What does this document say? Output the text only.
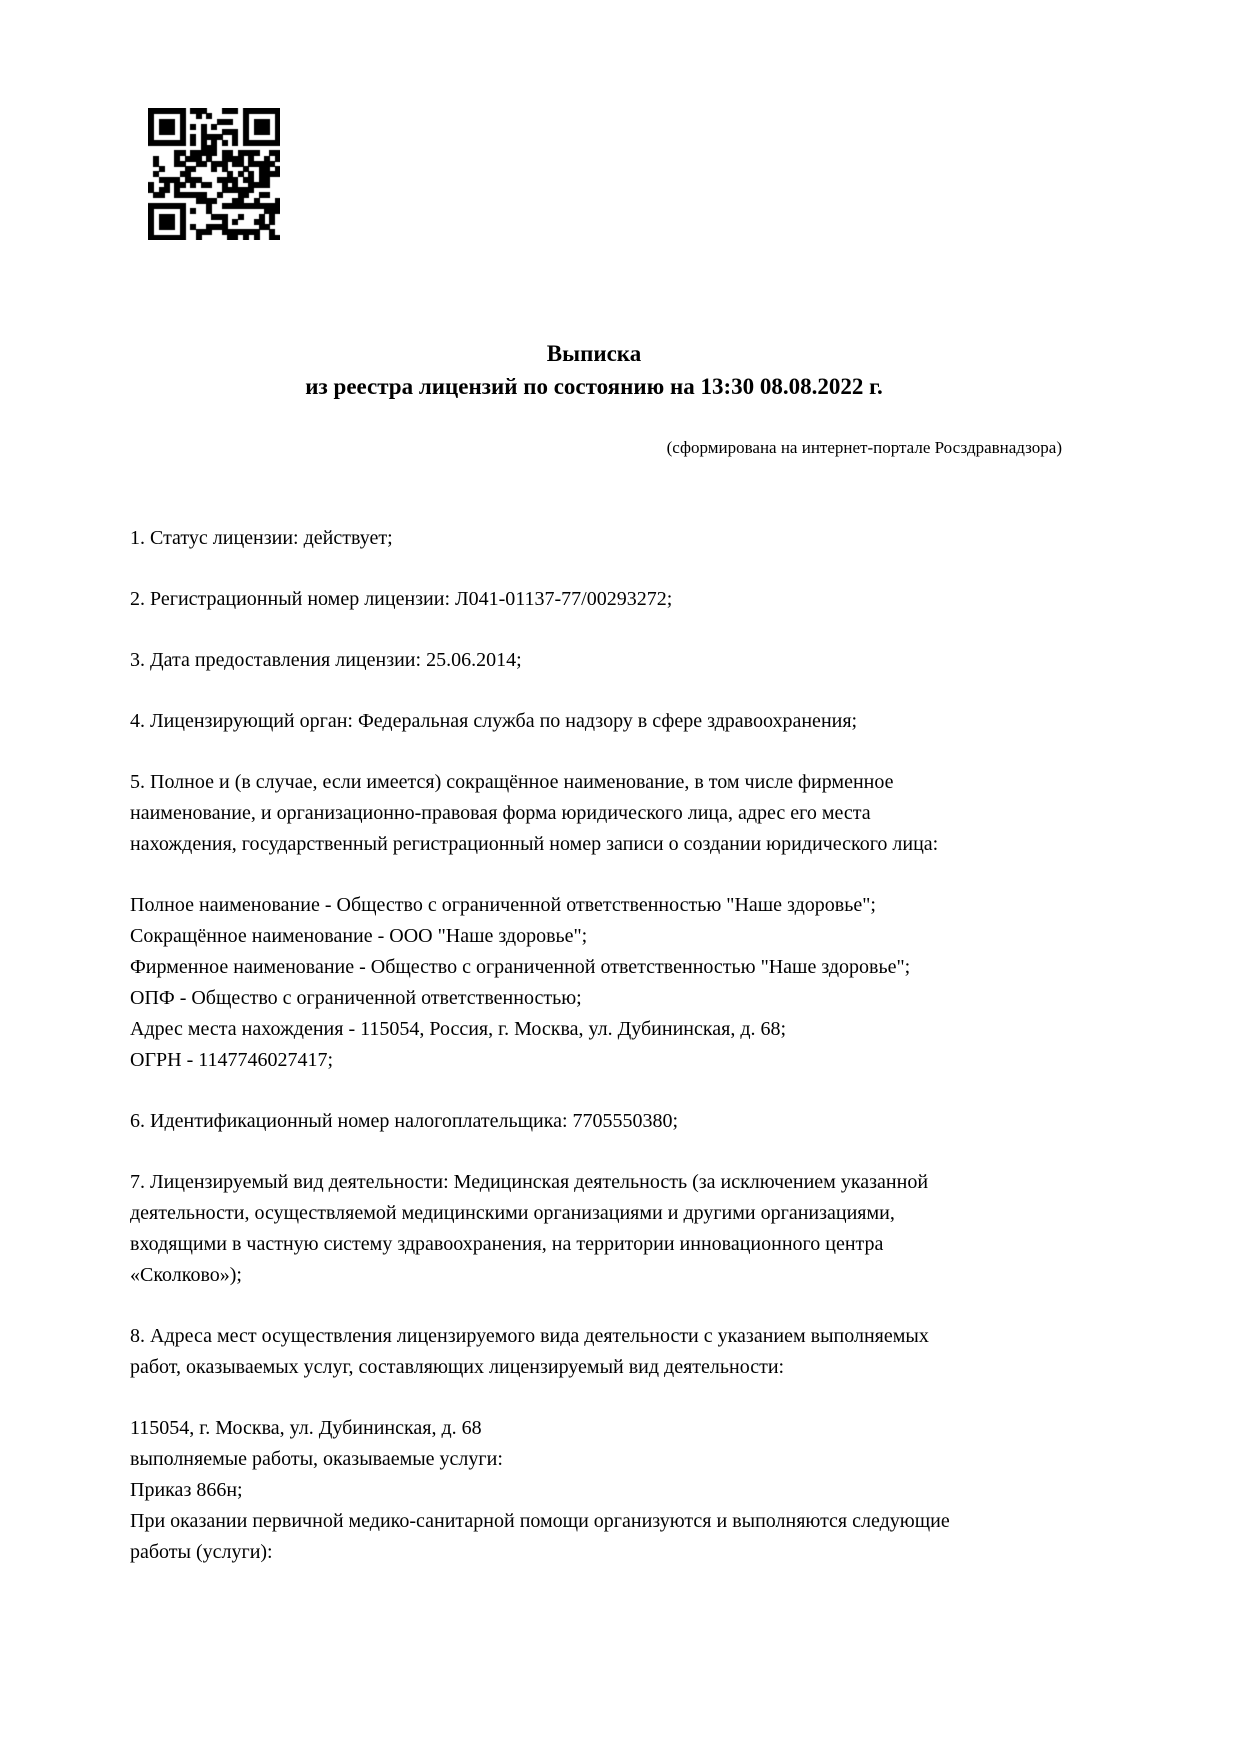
Выписка
из реестра лицензий по состоянию на 13:30 08.08.2022 г.
(сформирована на интернет-портале Росздравнадзора)

1. Статус лицензии: действует;

2. Регистрационный номер лицензии: Л041-01137-77/00293272;

3. Дата предоставления лицензии: 25.06.2014;

4. Лицензирующий орган: Федеральная служба по надзору в сфере здравоохранения;

5. Полное и (в случае, если имеется) сокращённое наименование, в том числе фирменное
наименование, и организационно-правовая форма юридического лица, адрес его места
нахождения, государственный регистрационный номер записи о создании юридического лица:

Полное наименование - Общество с ограниченной ответственностью "Наше здоровье";
Сокращённое наименование - ООО "Наше здоровье";
Фирменное наименование - Общество с ограниченной ответственностью "Наше здоровье";
ОПФ - Общество с ограниченной ответственностью;
Адрес места нахождения - 115054, Россия, г. Москва, ул. Дубининская, д. 68;
ОГРН - 1147746027417;

6. Идентификационный номер налогоплательщика: 7705550380;

7. Лицензируемый вид деятельности: Медицинская деятельность (за исключением указанной
деятельности, осуществляемой медицинскими организациями и другими организациями,
входящими в частную систему здравоохранения, на территории инновационного центра
«Сколково»);

8. Адреса мест осуществления лицензируемого вида деятельности с указанием выполняемых
работ, оказываемых услуг, составляющих лицензируемый вид деятельности:

115054, г. Москва, ул. Дубининская, д. 68
выполняемые работы, оказываемые услуги:
Приказ 866н;
При оказании первичной медико-санитарной помощи организуются и выполняются следующие
работы (услуги):
